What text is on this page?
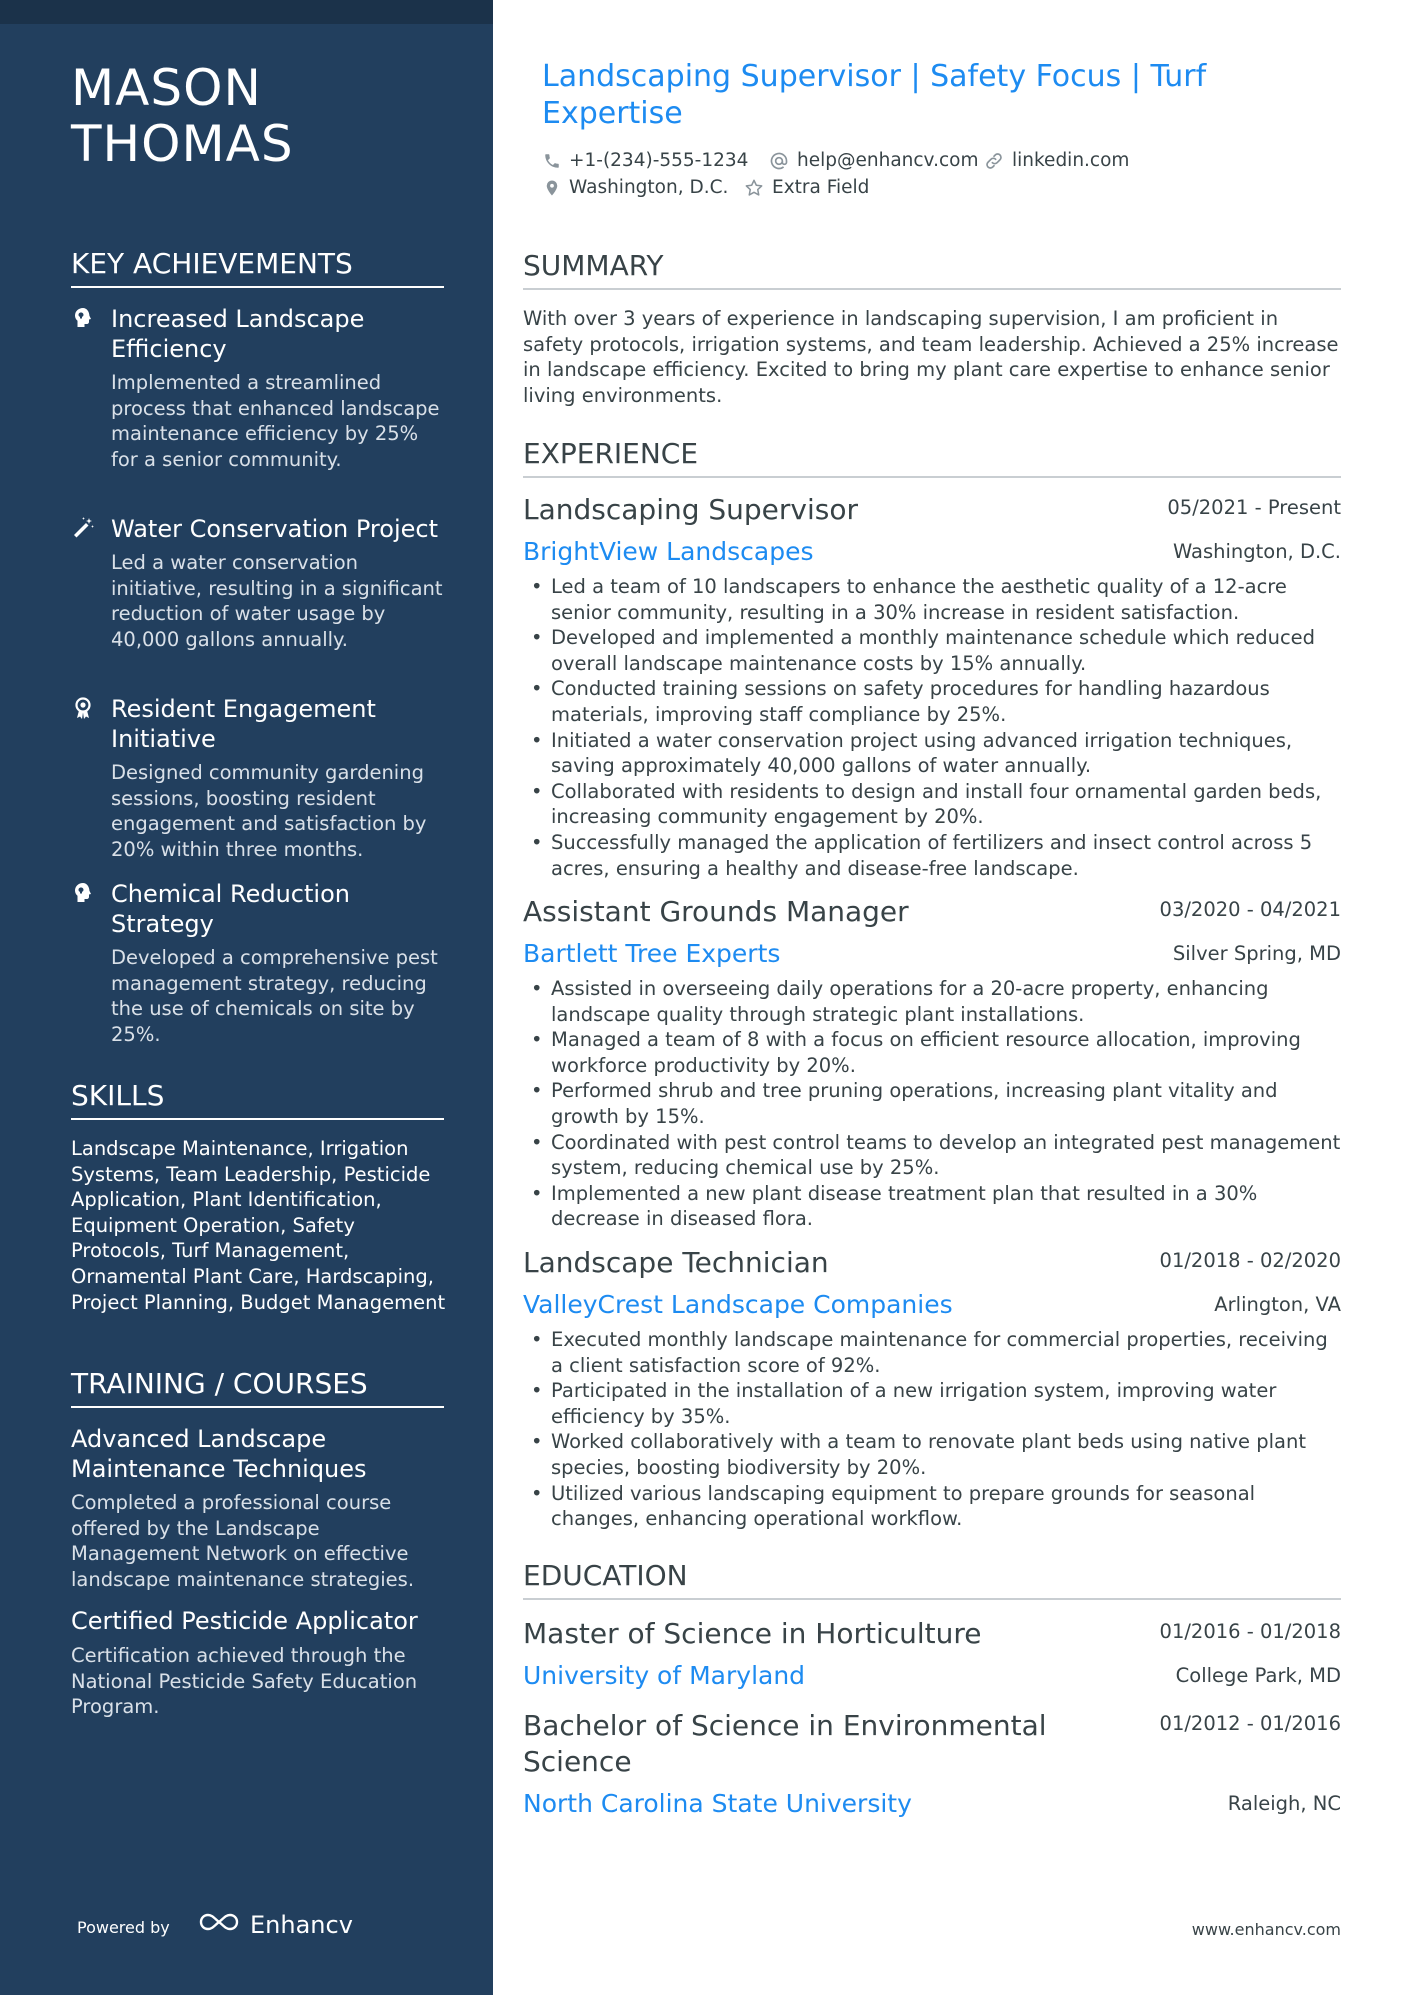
MASON
THOMAS
KEY ACHIEVEMENTS
Increased Landscape Efficiency
Implemented a streamlined process that enhanced landscape maintenance efficiency by 25% for a senior community.
Water Conservation Project
Led a water conservation initiative, resulting in a significant reduction of water usage by 40,000 gallons annually.
Resident Engagement Initiative
Designed community gardening sessions, boosting resident engagement and satisfaction by 20% within three months.
Chemical Reduction Strategy
Developed a comprehensive pest management strategy, reducing the use of chemicals on site by 25%.
SKILLS
Landscape Maintenance, Irrigation Systems, Team Leadership, Pesticide Application, Plant Identification, Equipment Operation, Safety Protocols, Turf Management, Ornamental Plant Care, Hardscaping, Project Planning, Budget Management
TRAINING / COURSES
Advanced Landscape Maintenance Techniques
Completed a professional course offered by the Landscape Management Network on effective landscape maintenance strategies.
Certified Pesticide Applicator
Certification achieved through the National Pesticide Safety Education Program.
Powered by	Enhancv
Landscaping Supervisor | Safety Focus | Turf Expertise
+1-(234)-555-1234	help@enhancv.com linkedin.com
Washington, D.C. Extra Field
SUMMARY
With over 3 years of experience in landscaping supervision, I am proficient in safety protocols, irrigation systems, and team leadership. Achieved a 25% increase in landscape efficiency. Excited to bring my plant care expertise to enhance senior living environments.
EXPERIENCE
Landscaping Supervisor	05/2021 - Present
BrightView Landscapes	Washington, D.C.
• Led a team of 10 landscapers to enhance the aesthetic quality of a 12-acre senior community, resulting in a 30% increase in resident satisfaction.
• Developed and implemented a monthly maintenance schedule which reduced overall landscape maintenance costs by 15% annually.
• Conducted training sessions on safety procedures for handling hazardous materials, improving staff compliance by 25%.
• Initiated a water conservation project using advanced irrigation techniques, saving approximately 40,000 gallons of water annually.
• Collaborated with residents to design and install four ornamental garden beds, increasing community engagement by 20%.
• Successfully managed the application of fertilizers and insect control across 5 acres, ensuring a healthy and disease-free landscape.
Assistant Grounds Manager	03/2020 - 04/2021
Bartlett Tree Experts	Silver Spring, MD
• Assisted in overseeing daily operations for a 20-acre property, enhancing landscape quality through strategic plant installations.
• Managed a team of 8 with a focus on efficient resource allocation, improving workforce productivity by 20%.
• Performed shrub and tree pruning operations, increasing plant vitality and growth by 15%.
• Coordinated with pest control teams to develop an integrated pest management system, reducing chemical use by 25%.
• Implemented a new plant disease treatment plan that resulted in a 30% decrease in diseased flora.
Landscape Technician	01/2018 - 02/2020
ValleyCrest Landscape Companies	Arlington, VA
• Executed monthly landscape maintenance for commercial properties, receiving a client satisfaction score of 92%.
• Participated in the installation of a new irrigation system, improving water efficiency by 35%.
• Worked collaboratively with a team to renovate plant beds using native plant species, boosting biodiversity by 20%.
• Utilized various landscaping equipment to prepare grounds for seasonal changes, enhancing operational workflow.
EDUCATION
Master of Science in Horticulture	01/2016 - 01/2018
University of Maryland	College Park, MD
Bachelor of Science in Environmental Science
01/2012 - 01/2016
North Carolina State University	Raleigh, NC
www.enhancv.com
